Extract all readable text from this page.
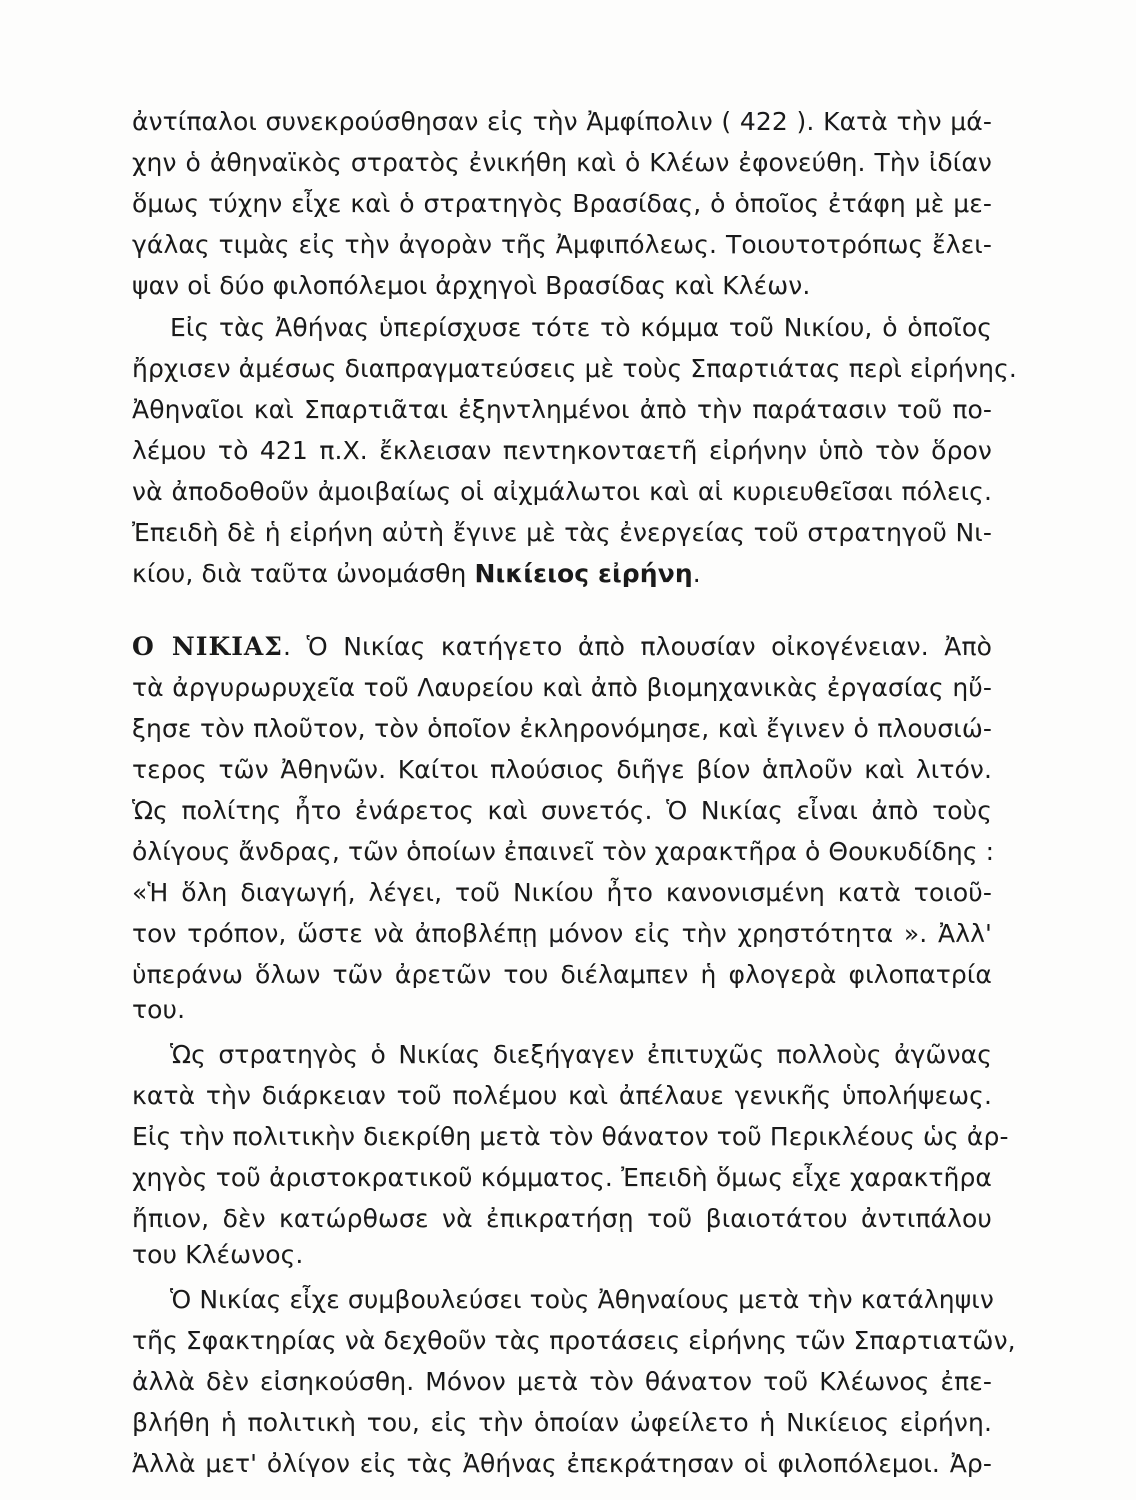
ἀντίπαλοι συνεκρούσθησαν εἰς τὴν Ἀμφίπολιν ( 422 ). Κατὰ τὴν μά-
χην ὁ ἀθηναϊκὸς στρατὸς ἐνικήθη καὶ ὁ Κλέων ἐφονεύθη. Τὴν ἰδίαν
ὅμως τύχην εἶχε καὶ ὁ στρατηγὸς Βρασίδας, ὁ ὁποῖος ἐτάφη μὲ με-
γάλας τιμὰς εἰς τὴν ἀγορὰν τῆς Ἀμφιπόλεως. Τοιουτοτρόπως ἔλει-
ψαν οἱ δύο φιλοπόλεμοι ἀρχηγοὶ Βρασίδας καὶ Κλέων.
Εἰς τὰς Ἀθήνας ὑπερίσχυσε τότε τὸ κόμμα τοῦ Νικίου, ὁ ὁποῖος
ἤρχισεν ἀμέσως διαπραγματεύσεις μὲ τοὺς Σπαρτιάτας περὶ εἰρήνης.
Ἀθηναῖοι καὶ Σπαρτιᾶται ἐξηντλημένοι ἀπὸ τὴν παράτασιν τοῦ πο-
λέμου τὸ 421 π.Χ. ἔκλεισαν πεντηκονταετῆ εἰρήνην ὑπὸ τὸν ὅρον
νὰ ἀποδοθοῦν ἀμοιβαίως οἱ αἰχμάλωτοι καὶ αἱ κυριευθεῖσαι πόλεις.
Ἐπειδὴ δὲ ἡ εἰρήνη αὐτὴ ἔγινε μὲ τὰς ἐνεργείας τοῦ στρατηγοῦ Νι-
κίου, διὰ ταῦτα ὠνομάσθη Νικίειος εἰρήνη.
Ο ΝΙΚΙΑΣ. Ὁ Νικίας κατήγετο ἀπὸ πλουσίαν οἰκογένειαν. Ἀπὸ
τὰ ἀργυρωρυχεῖα τοῦ Λαυρείου καὶ ἀπὸ βιομηχανικὰς ἐργασίας ηὔ-
ξησε τὸν πλοῦτον, τὸν ὁποῖον ἐκληρονόμησε, καὶ ἔγινεν ὁ πλουσιώ-
τερος τῶν Ἀθηνῶν. Καίτοι πλούσιος διῆγε βίον ἁπλοῦν καὶ λιτόν.
Ὡς πολίτης ἦτο ἐνάρετος καὶ συνετός. Ὁ Νικίας εἶναι ἀπὸ τοὺς
ὀλίγους ἄνδρας, τῶν ὁποίων ἐπαινεῖ τὸν χαρακτῆρα ὁ Θουκυδίδης :
«Ἡ ὅλη διαγωγή, λέγει, τοῦ Νικίου ἦτο κανονισμένη κατὰ τοιοῦ-
τον τρόπον, ὥστε νὰ ἀποβλέπῃ μόνον εἰς τὴν χρηστότητα ». Ἀλλ'
ὑπεράνω ὅλων τῶν ἀρετῶν του διέλαμπεν ἡ φλογερὰ φιλοπατρία
του.
Ὡς στρατηγὸς ὁ Νικίας διεξήγαγεν ἐπιτυχῶς πολλοὺς ἀγῶνας
κατὰ τὴν διάρκειαν τοῦ πολέμου καὶ ἀπέλαυε γενικῆς ὑπολήψεως.
Εἰς τὴν πολιτικὴν διεκρίθη μετὰ τὸν θάνατον τοῦ Περικλέους ὡς ἀρ-
χηγὸς τοῦ ἀριστοκρατικοῦ κόμματος. Ἐπειδὴ ὅμως εἶχε χαρακτῆρα
ἤπιον, δὲν κατώρθωσε νὰ ἐπικρατήσῃ τοῦ βιαιοτάτου ἀντιπάλου
του Κλέωνος.
Ὁ Νικίας εἶχε συμβουλεύσει τοὺς Ἀθηναίους μετὰ τὴν κατάληψιν
τῆς Σφακτηρίας νὰ δεχθοῦν τὰς προτάσεις εἰρήνης τῶν Σπαρτιατῶν,
ἀλλὰ δὲν εἰσηκούσθη. Μόνον μετὰ τὸν θάνατον τοῦ Κλέωνος ἐπε-
βλήθη ἡ πολιτικὴ του, εἰς τὴν ὁποίαν ὠφείλετο ἡ Νικίειος εἰρήνη.
Ἀλλὰ μετ' ὀλίγον εἰς τὰς Ἀθήνας ἐπεκράτησαν οἱ φιλοπόλεμοι. Ἀρ-
